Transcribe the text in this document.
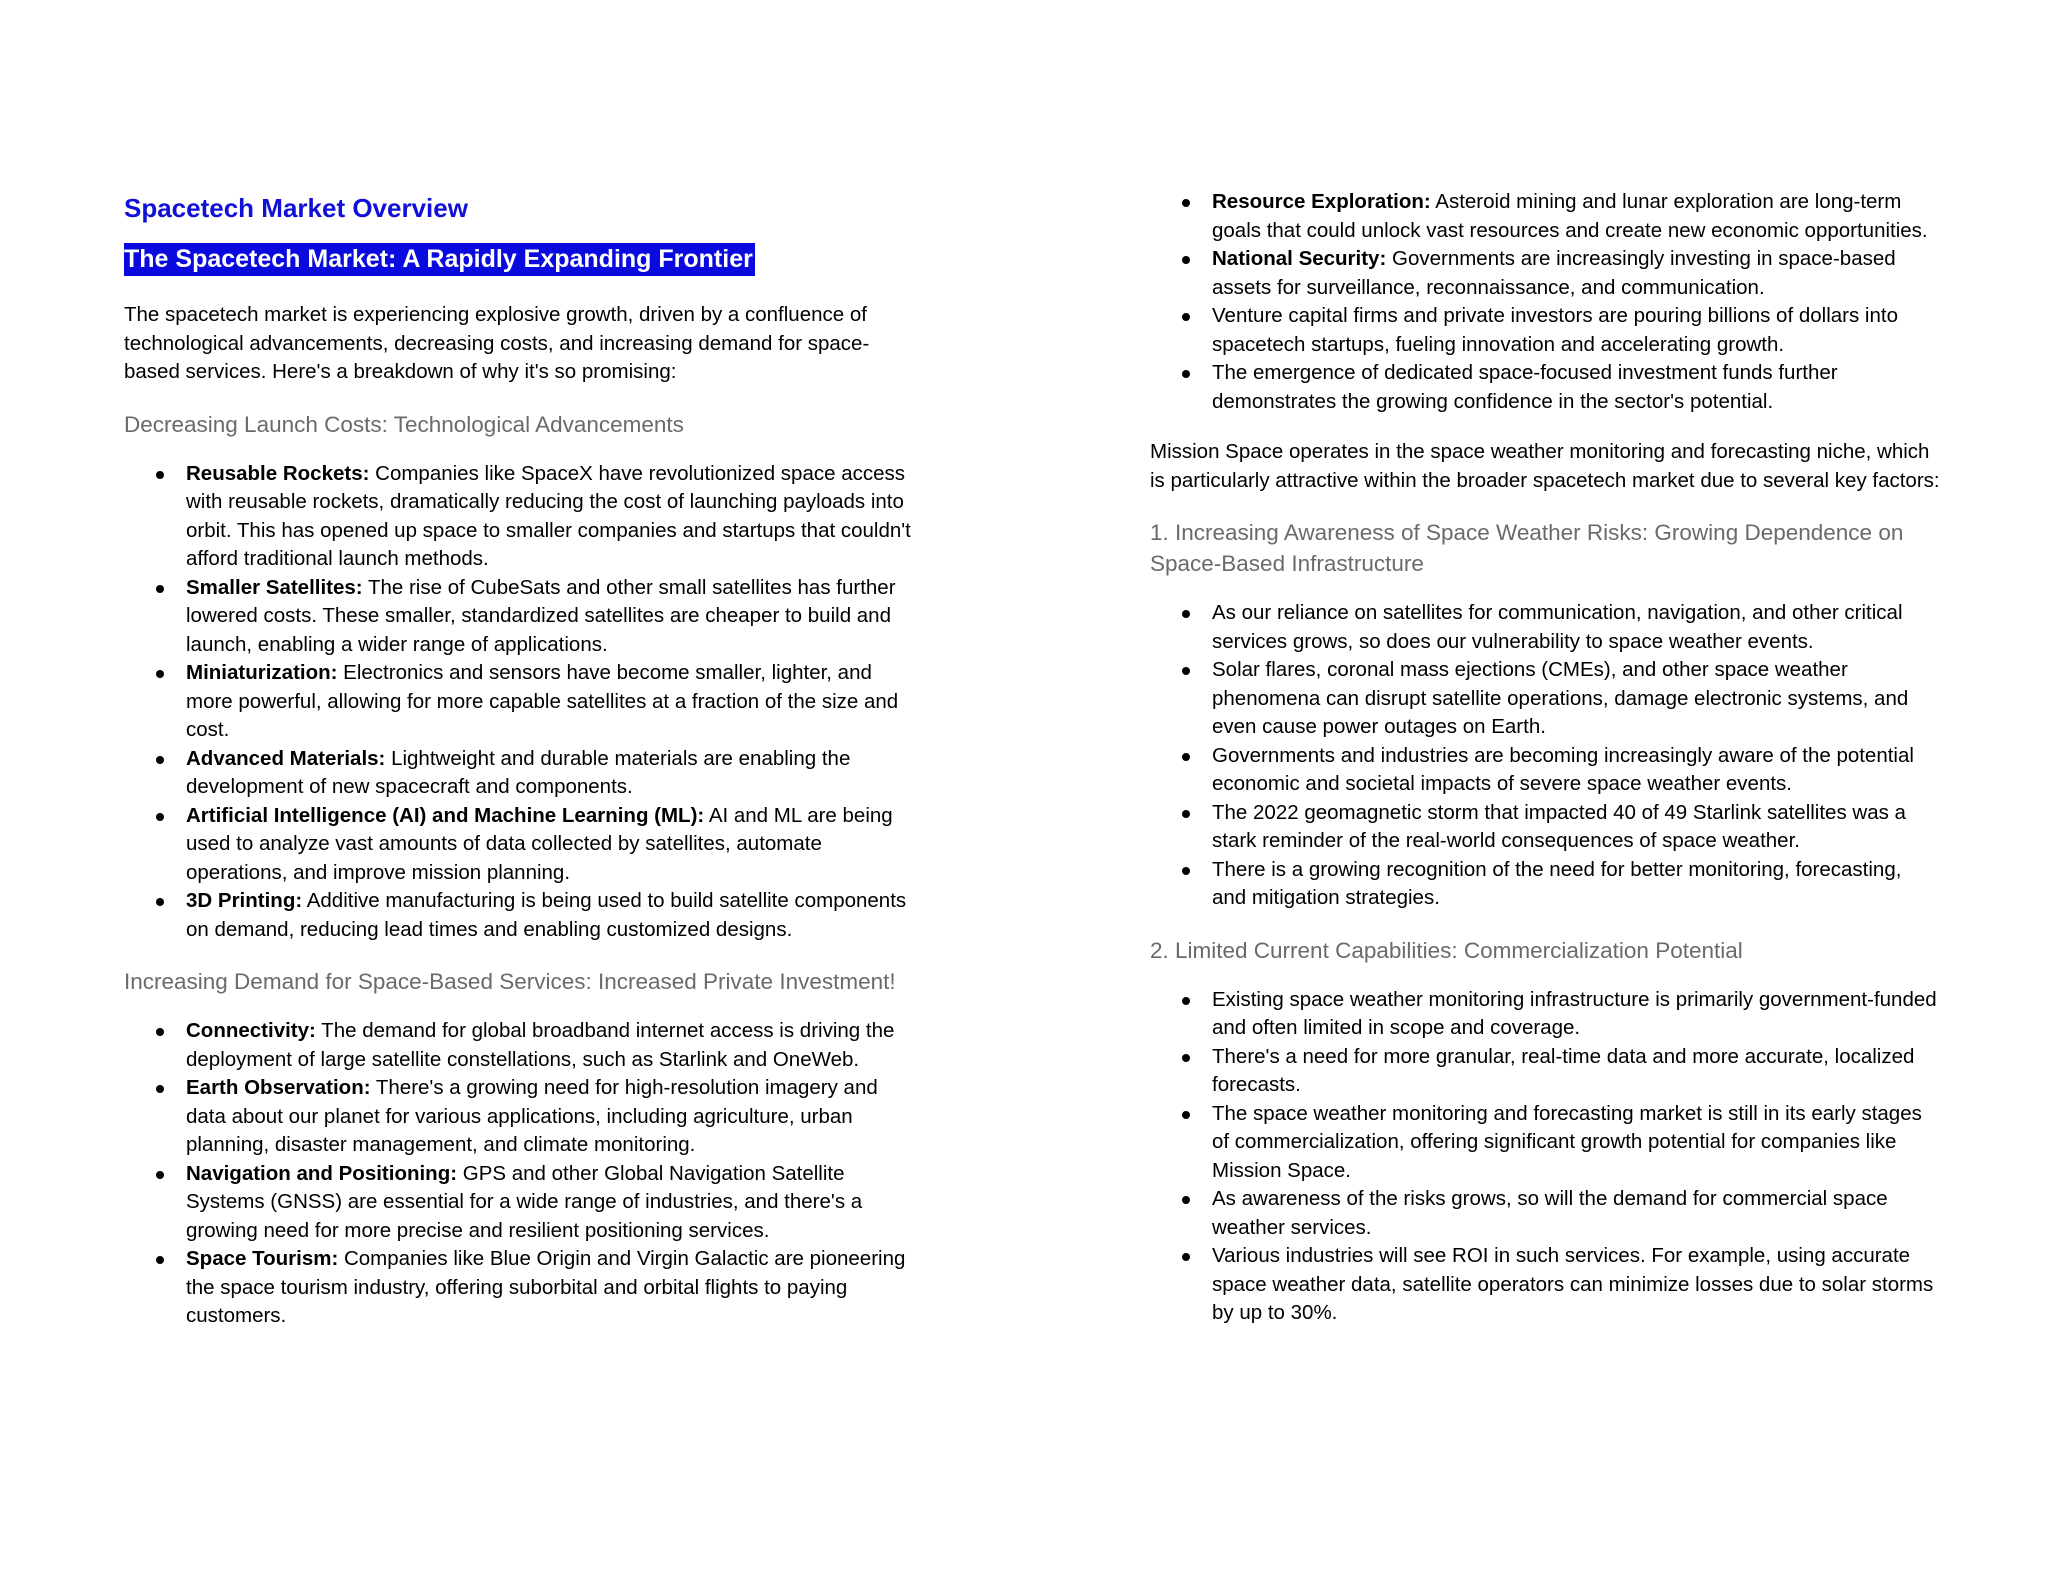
Spacetech Market Overview
The Spacetech Market: A Rapidly Expanding Frontier

The spacetech market is experiencing explosive growth, driven by a confluence of technological advancements, decreasing costs, and increasing demand for space-based services. Here's a breakdown of why it's so promising:

Decreasing Launch Costs: Technological Advancements
Reusable Rockets: Companies like SpaceX have revolutionized space access with reusable rockets, dramatically reducing the cost of launching payloads into orbit. This has opened up space to smaller companies and startups that couldn't afford traditional launch methods.
Smaller Satellites: The rise of CubeSats and other small satellites has further lowered costs. These smaller, standardized satellites are cheaper to build and launch, enabling a wider range of applications.
Miniaturization: Electronics and sensors have become smaller, lighter, and more powerful, allowing for more capable satellites at a fraction of the size and cost.
Advanced Materials: Lightweight and durable materials are enabling the development of new spacecraft and components.
Artificial Intelligence (AI) and Machine Learning (ML): AI and ML are being used to analyze vast amounts of data collected by satellites, automate operations, and improve mission planning.
3D Printing: Additive manufacturing is being used to build satellite components on demand, reducing lead times and enabling customized designs.
Increasing Demand for Space-Based Services: Increased Private Investment!
Connectivity: The demand for global broadband internet access is driving the deployment of large satellite constellations, such as Starlink and OneWeb.
Earth Observation: There's a growing need for high-resolution imagery and data about our planet for various applications, including agriculture, urban planning, disaster management, and climate monitoring.
Navigation and Positioning: GPS and other Global Navigation Satellite Systems (GNSS) are essential for a wide range of industries, and there's a growing need for more precise and resilient positioning services.
Space Tourism: Companies like Blue Origin and Virgin Galactic are pioneering the space tourism industry, offering suborbital and orbital flights to paying customers.
Resource Exploration: Asteroid mining and lunar exploration are long-term goals that could unlock vast resources and create new economic opportunities.
National Security: Governments are increasingly investing in space-based assets for surveillance, reconnaissance, and communication.
Venture capital firms and private investors are pouring billions of dollars into spacetech startups, fueling innovation and accelerating growth.
The emergence of dedicated space-focused investment funds further demonstrates the growing confidence in the sector's potential.

Mission Space operates in the space weather monitoring and forecasting niche, which is particularly attractive within the broader spacetech market due to several key factors:

1. Increasing Awareness of Space Weather Risks: Growing Dependence on Space-Based Infrastructure
As our reliance on satellites for communication, navigation, and other critical services grows, so does our vulnerability to space weather events.
Solar flares, coronal mass ejections (CMEs), and other space weather phenomena can disrupt satellite operations, damage electronic systems, and even cause power outages on Earth.
Governments and industries are becoming increasingly aware of the potential economic and societal impacts of severe space weather events.
The 2022 geomagnetic storm that impacted 40 of 49 Starlink satellites was a stark reminder of the real-world consequences of space weather.
There is a growing recognition of the need for better monitoring, forecasting, and mitigation strategies.
2. Limited Current Capabilities: Commercialization Potential
Existing space weather monitoring infrastructure is primarily government-funded and often limited in scope and coverage.
There's a need for more granular, real-time data and more accurate, localized forecasts.
The space weather monitoring and forecasting market is still in its early stages of commercialization, offering significant growth potential for companies like Mission Space.
As awareness of the risks grows, so will the demand for commercial space weather services.
Various industries will see ROI in such services. For example, using accurate space weather data, satellite operators can minimize losses due to solar storms by up to 30%.
